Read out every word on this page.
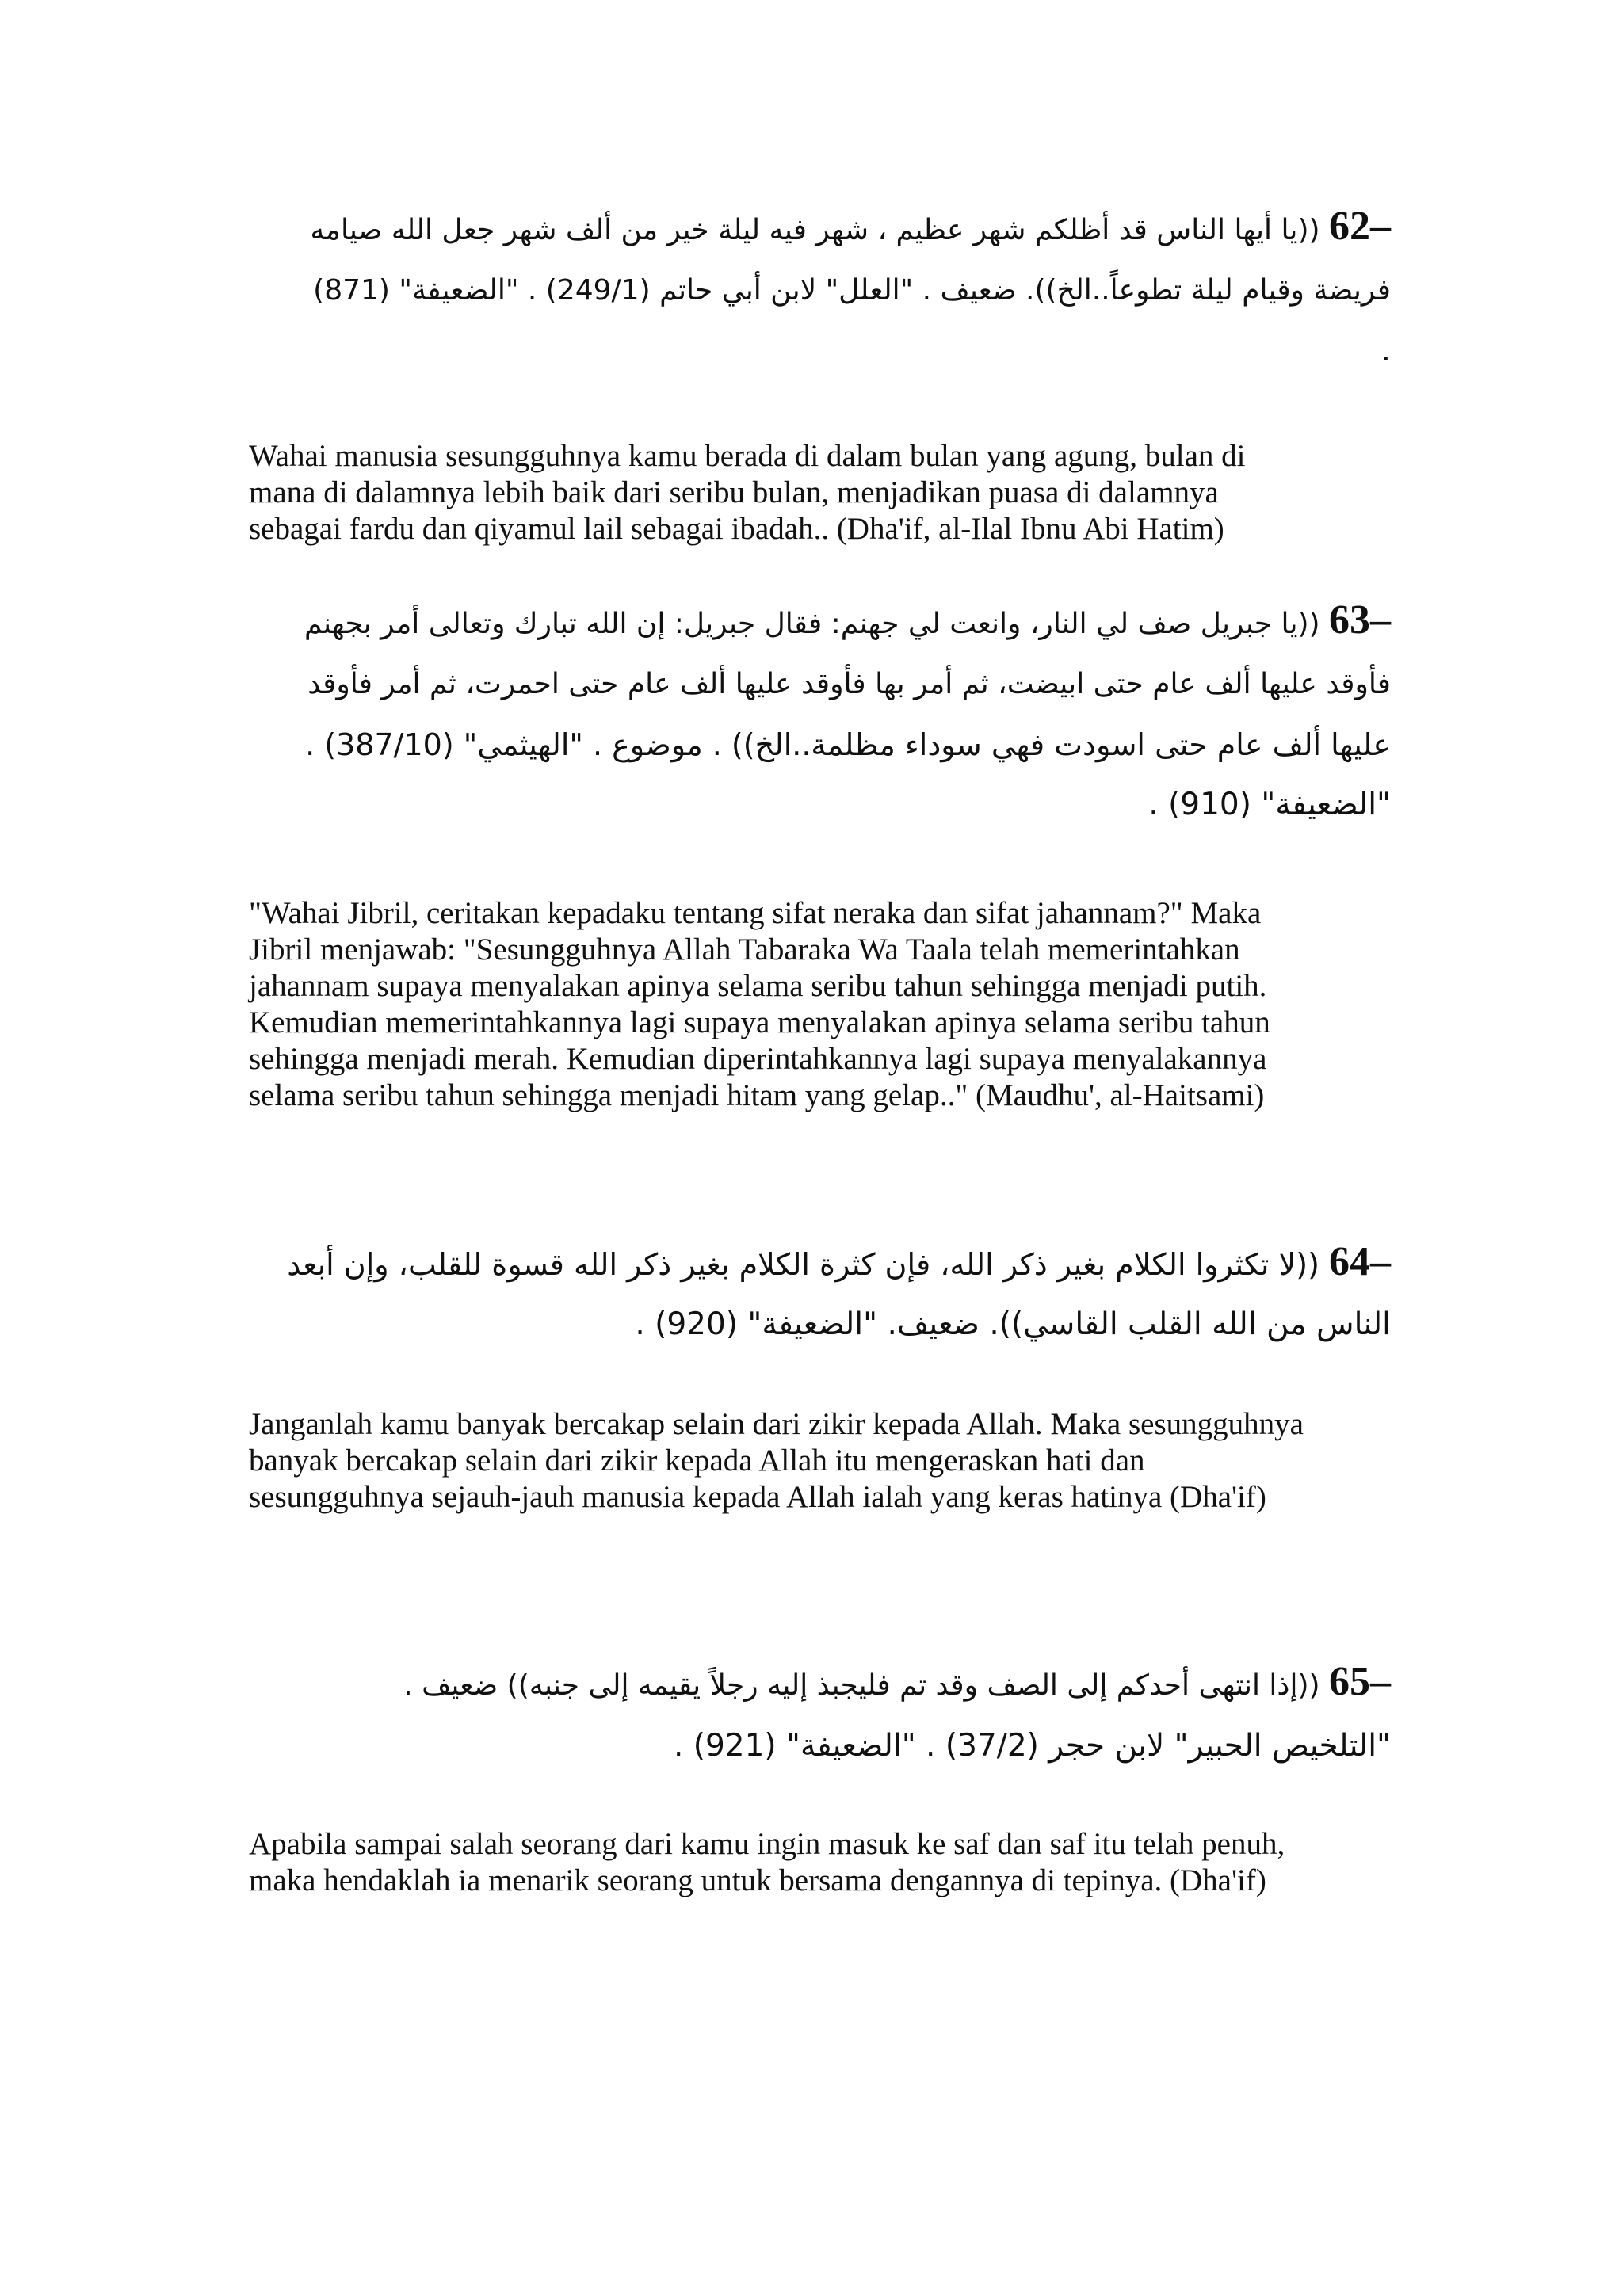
62– ((يا أيها الناس قد أظلكم شهر عظيم ، شهر فيه ليلة خير من ألف شهر جعل الله صيامه
فريضة وقيام ليلة تطوعاً..الخ)). ضعيف . "العلل" لابن أبي حاتم (249/1) . "الضعيفة" (871)
.
Wahai manusia sesungguhnya kamu berada di dalam bulan yang agung, bulan di
mana di dalamnya lebih baik dari seribu bulan, menjadikan puasa di dalamnya
sebagai fardu dan qiyamul lail sebagai ibadah.. (Dha'if, al-Ilal Ibnu Abi Hatim)
63– ((يا جبريل صف لي النار، وانعت لي جهنم: فقال جبريل: إن الله تبارك وتعالى أمر بجهنم
فأوقد عليها ألف عام حتى ابيضت، ثم أمر بها فأوقد عليها ألف عام حتى احمرت، ثم أمر فأوقد
عليها ألف عام حتى اسودت فهي سوداء مظلمة..الخ)) . موضوع . "الهيثمي" (387/10) .
"الضعيفة" (910) .
"Wahai Jibril, ceritakan kepadaku tentang sifat neraka dan sifat jahannam?" Maka
Jibril menjawab: "Sesungguhnya Allah Tabaraka Wa Taala telah memerintahkan
jahannam supaya menyalakan apinya selama seribu tahun sehingga menjadi putih.
Kemudian memerintahkannya lagi supaya menyalakan apinya selama seribu tahun
sehingga menjadi merah. Kemudian diperintahkannya lagi supaya menyalakannya
selama seribu tahun sehingga menjadi hitam yang gelap.." (Maudhu', al-Haitsami)
64– ((لا تكثروا الكلام بغير ذكر الله، فإن كثرة الكلام بغير ذكر الله قسوة للقلب، وإن أبعد
الناس من الله القلب القاسي)). ضعيف. "الضعيفة" (920) .
Janganlah kamu banyak bercakap selain dari zikir kepada Allah. Maka sesungguhnya
banyak bercakap selain dari zikir kepada Allah itu mengeraskan hati dan
sesungguhnya sejauh-jauh manusia kepada Allah ialah yang keras hatinya (Dha'if)
65– ((إذا انتهى أحدكم إلى الصف وقد تم فليجبذ إليه رجلاً يقيمه إلى جنبه)) ضعيف .
"التلخيص الحبير" لابن حجر (37/2) . "الضعيفة" (921) .
Apabila sampai salah seorang dari kamu ingin masuk ke saf dan saf itu telah penuh,
maka hendaklah ia menarik seorang untuk bersama dengannya di tepinya. (Dha'if)
